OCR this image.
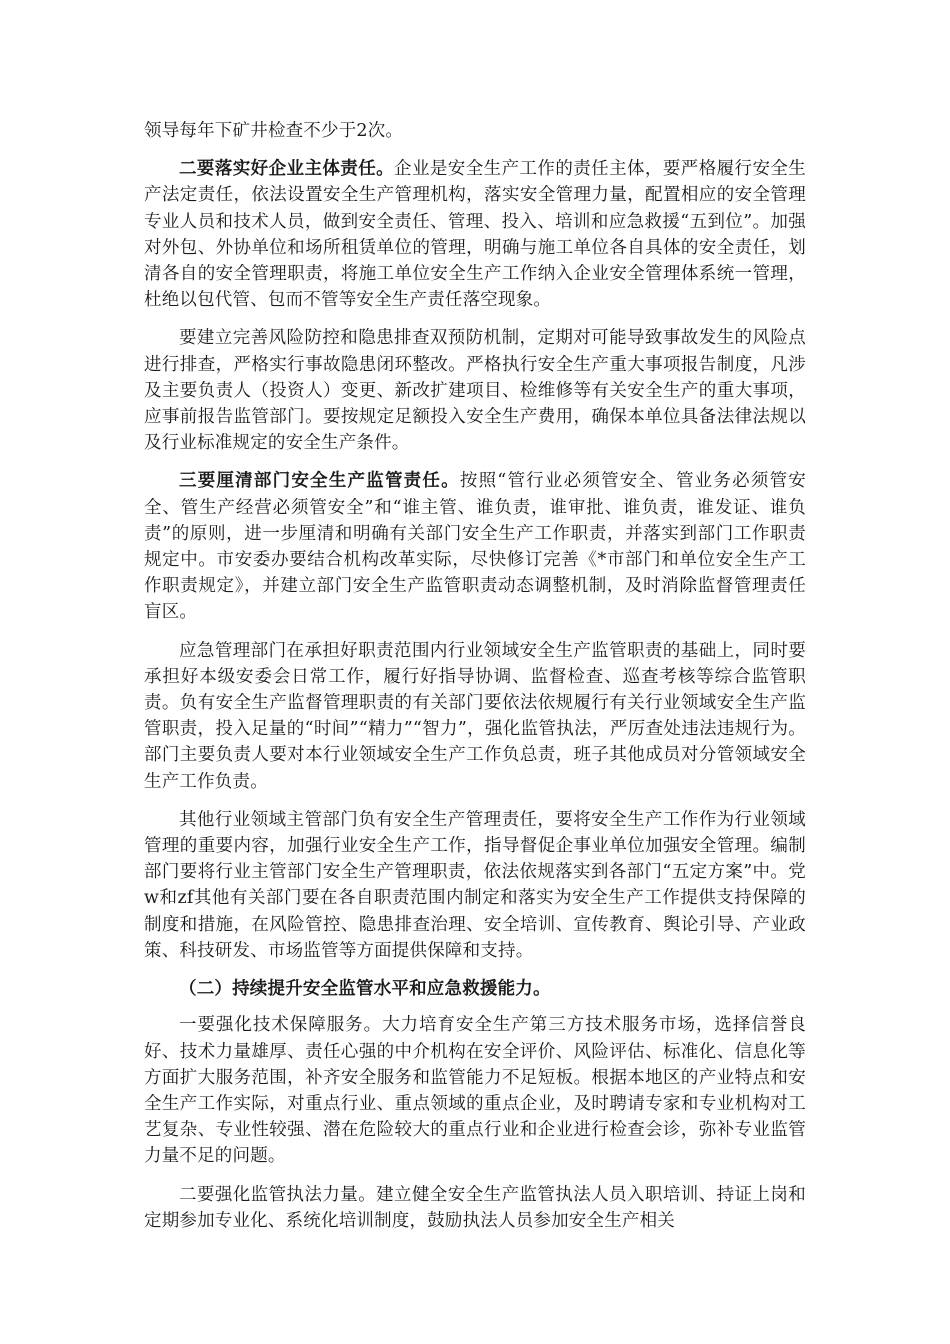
领导每年下矿井检查不少于2次。

二要落实好企业主体责任。企业是安全生产工作的责任主体，要严格履行安全生产法定责任，依法设置安全生产管理机构，落实安全管理力量，配置相应的安全管理专业人员和技术人员，做到安全责任、管理、投入、培训和应急救援“五到位”。加强对外包、外协单位和场所租赁单位的管理，明确与施工单位各自具体的安全责任，划清各自的安全管理职责，将施工单位安全生产工作纳入企业安全管理体系统一管理，杜绝以包代管、包而不管等安全生产责任落空现象。

要建立完善风险防控和隐患排查双预防机制，定期对可能导致事故发生的风险点进行排查，严格实行事故隐患闭环整改。严格执行安全生产重大事项报告制度，凡涉及主要负责人（投资人）变更、新改扩建项目、检维修等有关安全生产的重大事项，应事前报告监管部门。要按规定足额投入安全生产费用，确保本单位具备法律法规以及行业标准规定的安全生产条件。

三要厘清部门安全生产监管责任。按照“管行业必须管安全、管业务必须管安全、管生产经营必须管安全”和“谁主管、谁负责，谁审批、谁负责，谁发证、谁负责”的原则，进一步厘清和明确有关部门安全生产工作职责，并落实到部门工作职责规定中。市安委办要结合机构改革实际，尽快修订完善《*市部门和单位安全生产工作职责规定》，并建立部门安全生产监管职责动态调整机制，及时消除监督管理责任盲区。

应急管理部门在承担好职责范围内行业领域安全生产监管职责的基础上，同时要承担好本级安委会日常工作，履行好指导协调、监督检查、巡查考核等综合监管职责。负有安全生产监督管理职责的有关部门要依法依规履行有关行业领域安全生产监管职责，投入足量的“时间”“精力”“智力”，强化监管执法，严厉查处违法违规行为。部门主要负责人要对本行业领域安全生产工作负总责，班子其他成员对分管领域安全生产工作负责。

其他行业领域主管部门负有安全生产管理责任，要将安全生产工作作为行业领域管理的重要内容，加强行业安全生产工作，指导督促企事业单位加强安全管理。编制部门要将行业主管部门安全生产管理职责，依法依规落实到各部门“五定方案”中。党w和zf其他有关部门要在各自职责范围内制定和落实为安全生产工作提供支持保障的制度和措施，在风险管控、隐患排查治理、安全培训、宣传教育、舆论引导、产业政策、科技研发、市场监管等方面提供保障和支持。

（二）持续提升安全监管水平和应急救援能力。

一要强化技术保障服务。大力培育安全生产第三方技术服务市场，选择信誉良好、技术力量雄厚、责任心强的中介机构在安全评价、风险评估、标准化、信息化等方面扩大服务范围，补齐安全服务和监管能力不足短板。根据本地区的产业特点和安全生产工作实际，对重点行业、重点领域的重点企业，及时聘请专家和专业机构对工艺复杂、专业性较强、潜在危险较大的重点行业和企业进行检查会诊，弥补专业监管力量不足的问题。

二要强化监管执法力量。建立健全安全生产监管执法人员入职培训、持证上岗和定期参加专业化、系统化培训制度，鼓励执法人员参加安全生产相关
